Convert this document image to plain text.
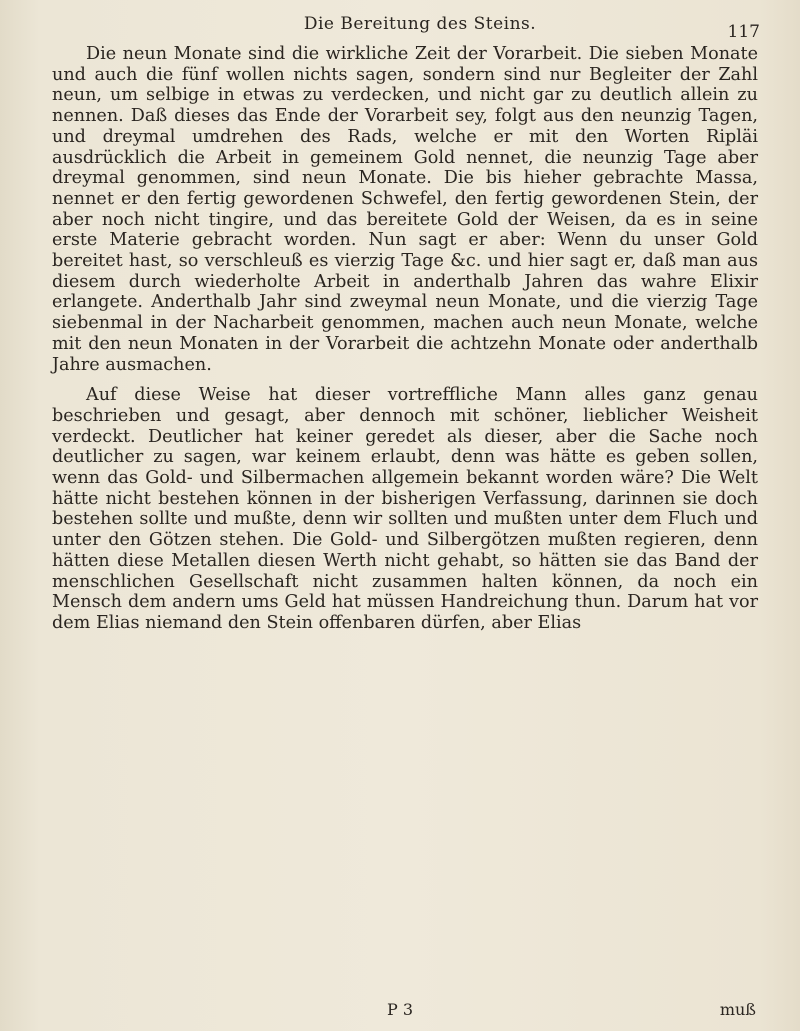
Die Bereitung des Steins.	117

Die neun Monate sind die wirkliche Zeit der Vorarbeit. Die sieben Monate und auch die fünf wollen nichts sagen, sondern sind nur Begleiter der Zahl neun, um selbige in etwas zu verdecken, und nicht gar zu deutlich allein zu nennen. Daß dieses das Ende der Vorarbeit sey, folgt aus den neunzig Tagen, und dreymal umdrehen des Rads, welche er mit den Worten Ripläi ausdrücklich die Arbeit in gemeinem Gold nennet, die neunzig Tage aber dreymal genommen, sind neun Monate. Die bis hieher gebrachte Massa, nennet er den fertig gewordenen Schwefel, den fertig gewordenen Stein, der aber noch nicht tingire, und das bereitete Gold der Weisen, da es in seine erste Materie gebracht worden. Nun sagt er aber: Wenn du unser Gold bereitet hast, so verschleuß es vierzig Tage &c. und hier sagt er, daß man aus diesem durch wiederholte Arbeit in anderthalb Jahren das wahre Elixir erlangete. Anderthalb Jahr sind zweymal neun Monate, und die vierzig Tage siebenmal in der Nacharbeit genommen, machen auch neun Monate, welche mit den neun Monaten in der Vorarbeit die achtzehn Monate oder anderthalb Jahre ausmachen.

Auf diese Weise hat dieser vortreffliche Mann alles ganz genau beschrieben und gesagt, aber dennoch mit schöner, lieblicher Weisheit verdeckt. Deutlicher hat keiner geredet als dieser, aber die Sache noch deutlicher zu sagen, war keinem erlaubt, denn was hätte es geben sollen, wenn das Gold- und Silbermachen allgemein bekannt worden wäre? Die Welt hätte nicht bestehen können in der bisherigen Verfassung, darinnen sie doch bestehen sollte und mußte, denn wir sollten und mußten unter dem Fluch und unter den Götzen stehen. Die Gold- und Silbergötzen mußten regieren, denn hätten diese Metallen diesen Werth nicht gehabt, so hätten sie das Band der menschlichen Gesellschaft nicht zusammen halten können, da noch ein Mensch dem andern ums Geld hat müssen Handreichung thun. Darum hat vor dem Elias niemand den Stein offenbaren dürfen, aber Elias

P 3	muß
